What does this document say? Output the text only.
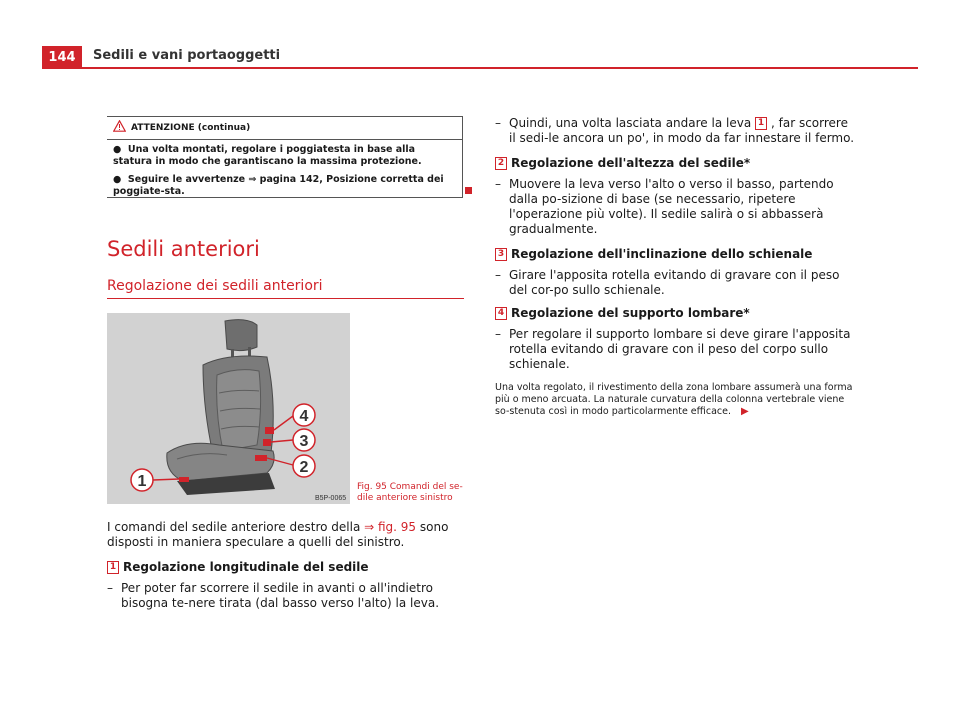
144	Sedili e vani portaoggetti
ATTENZIONE (continua)

●  Una volta montati, regolare i poggiatesta in base alla statura in modo che garantiscano la massima protezione.

●  Seguire le avvertenze ⇒ pagina 142, Posizione corretta dei poggiate-sta.

Sedili anteriori
Regolazione dei sedili anteriori
4
3
2
1
B5P-0065
Fig. 95 Comandi del se-dile anteriore sinistro

I comandi del sedile anteriore destro della ⇒ fig. 95 sono disposti in maniera speculare a quelli del sinistro.

1 Regolazione longitudinale del sedile
– Per poter far scorrere il sedile in avanti o all'indietro bisogna te-nere tirata (dal basso verso l'alto) la leva.
– Quindi, una volta lasciata andare la leva 1 , far scorrere il sedi-le ancora un po', in modo da far innestare il fermo.
2 Regolazione dell'altezza del sedile*
– Muovere la leva verso l'alto o verso il basso, partendo dalla po-sizione di base (se necessario, ripetere l'operazione più volte). Il sedile salirà o si abbasserà gradualmente.
3 Regolazione dell'inclinazione dello schienale
– Girare l'apposita rotella evitando di gravare con il peso del cor-po sullo schienale.
4 Regolazione del supporto lombare*
– Per regolare il supporto lombare si deve girare l'apposita rotella evitando di gravare con il peso del corpo sullo schienale.

Una volta regolato, il rivestimento della zona lombare assumerà una forma più o meno arcuata. La naturale curvatura della colonna vertebrale viene so-stenuta così in modo particolarmente efficace. ▶
